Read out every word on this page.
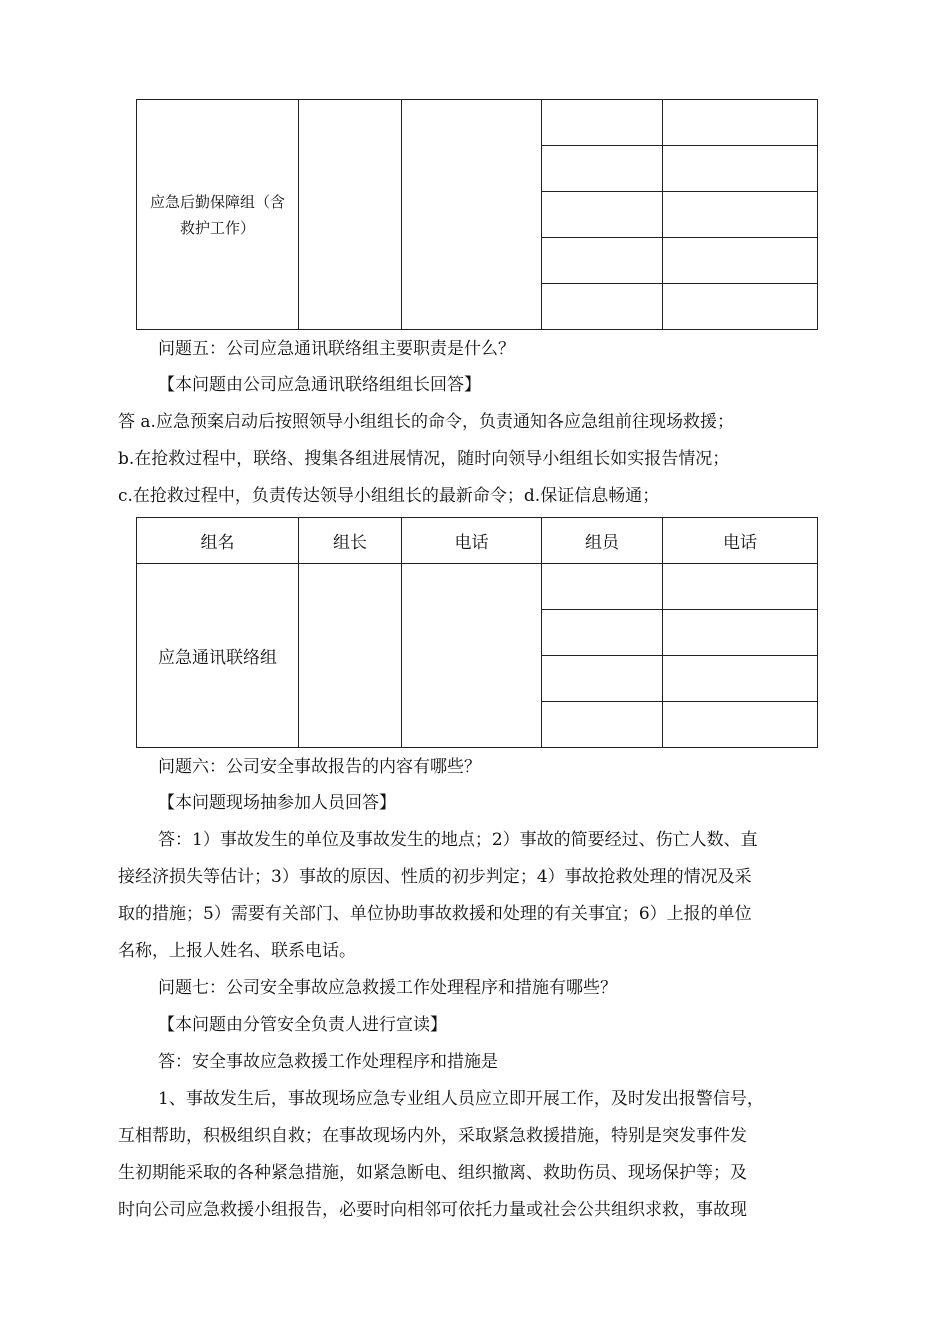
应急后勤保障组（含
救护工作）				

问题五：公司应急通讯联络组主要职责是什么？
【本问题由公司应急通讯联络组组长回答】
答 a.应急预案启动后按照领导小组组长的命令，负责通知各应急组前往现场救援；
b.在抢救过程中，联络、搜集各组进展情况，随时向领导小组组长如实报告情况；
c.在抢救过程中，负责传达领导小组组长的最新命令；d.保证信息畅通；
组名	组长	电话	组员	电话
应急通讯联络组				

问题六：公司安全事故报告的内容有哪些？
【本问题现场抽参加人员回答】
答：1）事故发生的单位及事故发生的地点；2）事故的简要经过、伤亡人数、直
接经济损失等估计；3）事故的原因、性质的初步判定；4）事故抢救处理的情况及采
取的措施；5）需要有关部门、单位协助事故救援和处理的有关事宜；6）上报的单位
名称，上报人姓名、联系电话。
问题七：公司安全事故应急救援工作处理程序和措施有哪些？
【本问题由分管安全负责人进行宣读】
答：安全事故应急救援工作处理程序和措施是
1、事故发生后，事故现场应急专业组人员应立即开展工作，及时发出报警信号，
互相帮助，积极组织自救；在事故现场内外，采取紧急救援措施，特别是突发事件发
生初期能采取的各种紧急措施，如紧急断电、组织撤离、救助伤员、现场保护等；及
时向公司应急救援小组报告，必要时向相邻可依托力量或社会公共组织求救，事故现
